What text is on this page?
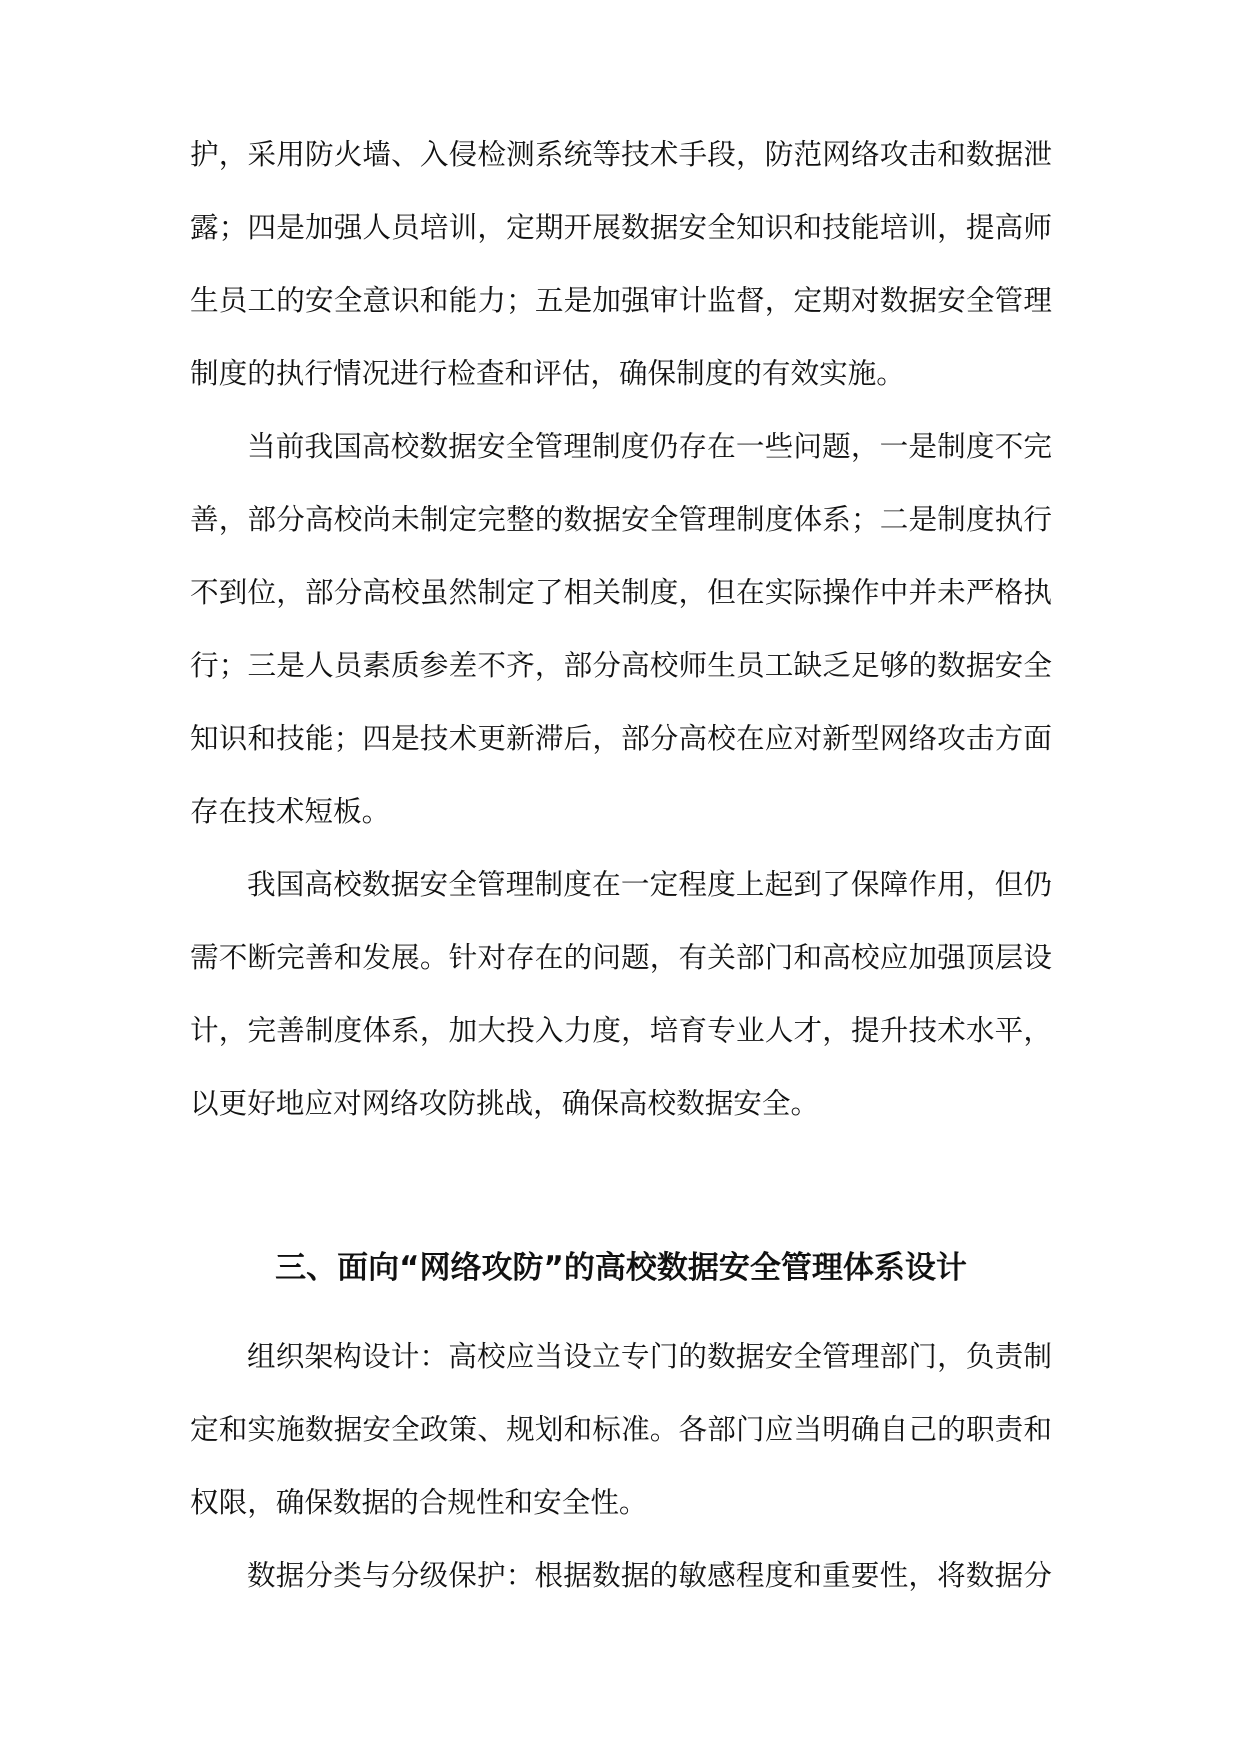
护，采用防火墙、入侵检测系统等技术手段，防范网络攻击和数据泄
露；四是加强人员培训，定期开展数据安全知识和技能培训，提高师
生员工的安全意识和能力；五是加强审计监督，定期对数据安全管理
制度的执行情况进行检查和评估，确保制度的有效实施。
当前我国高校数据安全管理制度仍存在一些问题，一是制度不完
善，部分高校尚未制定完整的数据安全管理制度体系；二是制度执行
不到位，部分高校虽然制定了相关制度，但在实际操作中并未严格执
行；三是人员素质参差不齐，部分高校师生员工缺乏足够的数据安全
知识和技能；四是技术更新滞后，部分高校在应对新型网络攻击方面
存在技术短板。
我国高校数据安全管理制度在一定程度上起到了保障作用，但仍
需不断完善和发展。针对存在的问题，有关部门和高校应加强顶层设
计，完善制度体系，加大投入力度，培育专业人才，提升技术水平，
以更好地应对网络攻防挑战，确保高校数据安全。
三、面向“网络攻防”的高校数据安全管理体系设计
组织架构设计：高校应当设立专门的数据安全管理部门，负责制
定和实施数据安全政策、规划和标准。各部门应当明确自己的职责和
权限，确保数据的合规性和安全性。
数据分类与分级保护：根据数据的敏感程度和重要性，将数据分
